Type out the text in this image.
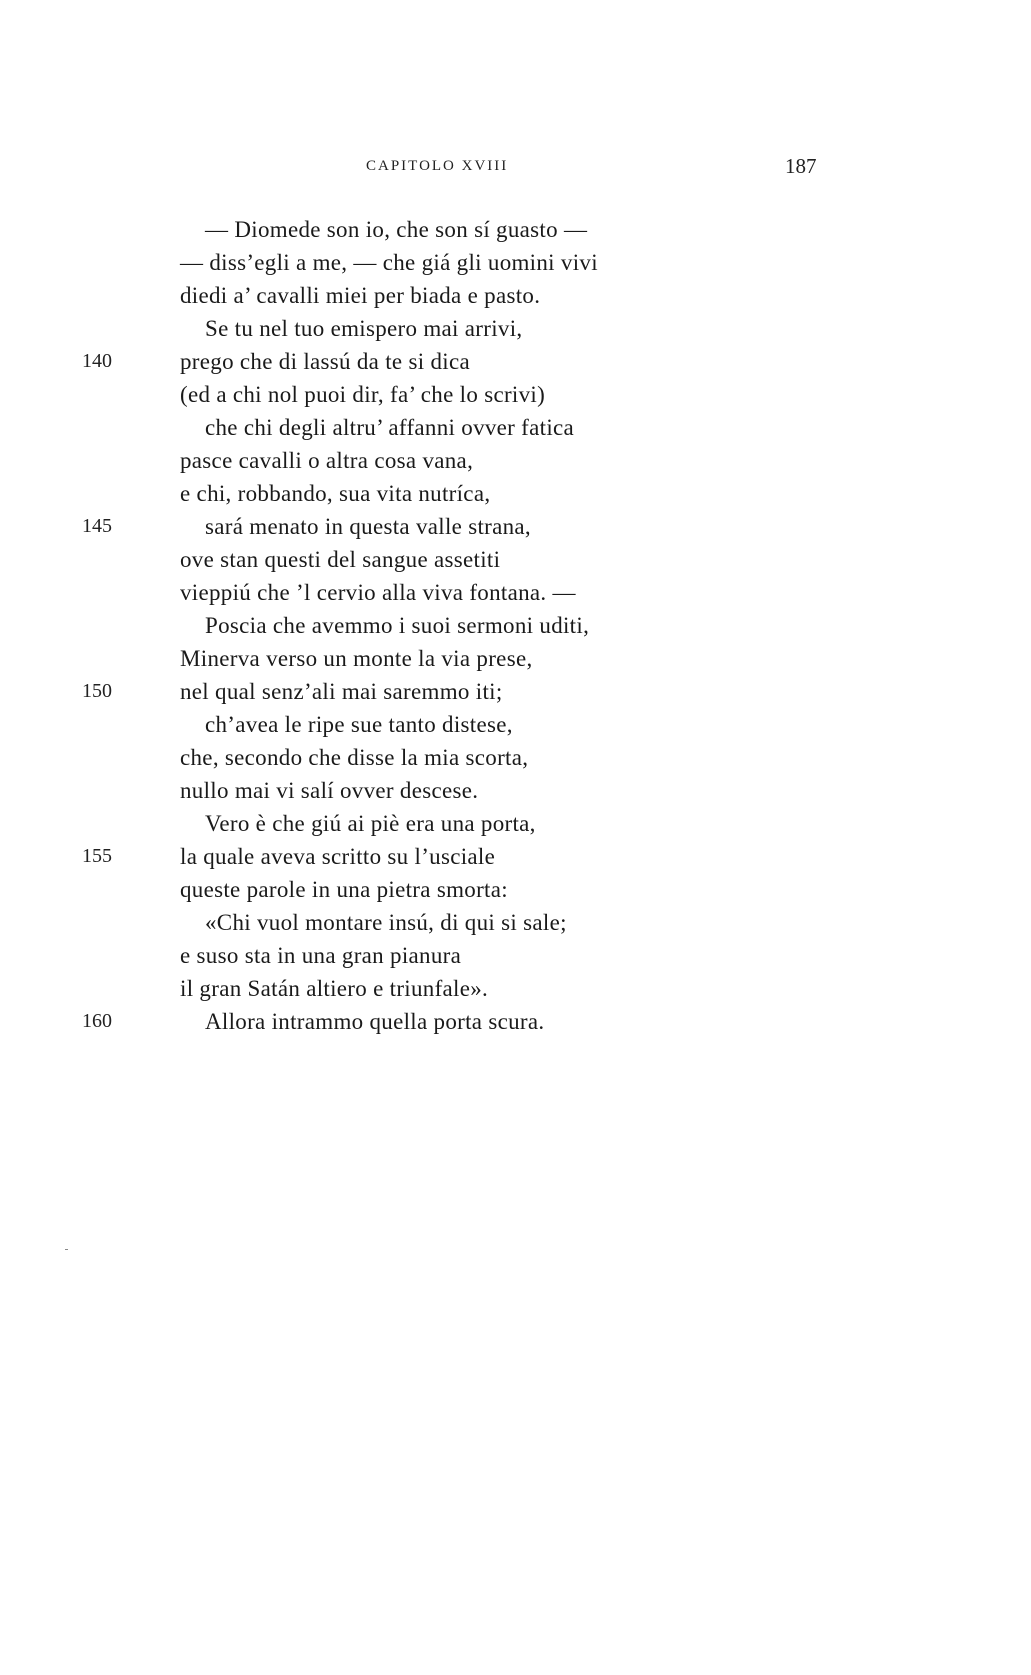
CAPITOLO XVIII	187
— Diomede son io, che son sí guasto —
— diss’egli a me, — che giá gli uomini vivi
diedi a’ cavalli miei per biada e pasto.
Se tu nel tuo emispero mai arrivi,
prego che di lassú da te si dica
140
(ed a chi nol puoi dir, fa’ che lo scrivi)
che chi degli altru’ affanni ovver fatica
pasce cavalli o altra cosa vana,
e chi, robbando, sua vita nutríca,
sará menato in questa valle strana,
145
ove stan questi del sangue assetiti
vieppiú che ’l cervio alla viva fontana. —
Poscia che avemmo i suoi sermoni uditi,
Minerva verso un monte la via prese,
nel qual senz’ali mai saremmo iti;
150
ch’avea le ripe sue tanto distese,
che, secondo che disse la mia scorta,
nullo mai vi salí ovver descese.
Vero è che giú ai piè era una porta,
la quale aveva scritto su l’usciale
155
queste parole in una pietra smorta:
«Chi vuol montare insú, di qui si sale;
e suso sta in una gran pianura
il gran Satán altiero e triunfale».
Allora intrammo quella porta scura.
160
